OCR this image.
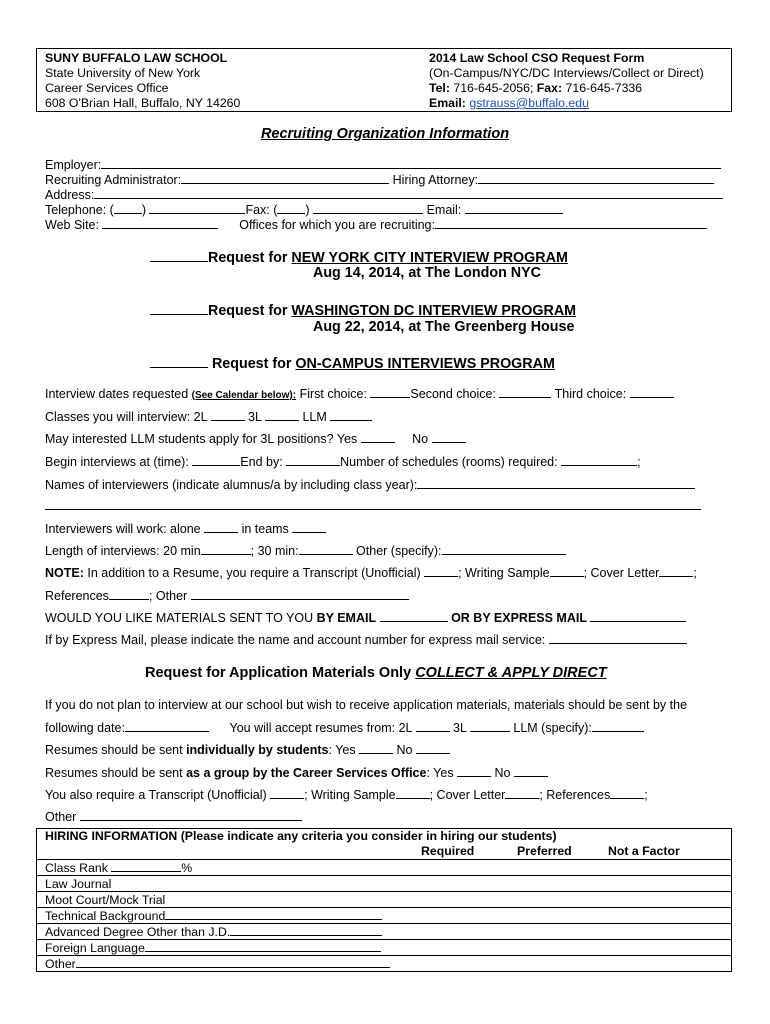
SUNY BUFFALO LAW SCHOOL
State University of New York
Career Services Office
608 O'Brian Hall, Buffalo, NY 14260
2014 Law School CSO Request Form
(On-Campus/NYC/DC Interviews/Collect or Direct)
Tel: 716-645-2056; Fax: 716-645-7336
Email: gstrauss@buffalo.edu
Recruiting Organization Information
Employer:
Recruiting Administrator:	Hiring Attorney:
Address:
Telephone: ( )	Fax: ( )	Email:
Web Site:	Offices for which you are recruiting:
Request for NEW YORK CITY INTERVIEW PROGRAM
Aug 14, 2014, at The London NYC
Request for WASHINGTON DC INTERVIEW PROGRAM
Aug 22, 2014, at The Greenberg House
Request for ON-CAMPUS INTERVIEWS PROGRAM
Interview dates requested (See Calendar below): First choice:	Second choice:	Third choice:
Classes you will interview: 2L	3L	LLM
May interested LLM students apply for 3L positions? Yes	No
Begin interviews at (time):	End by:	Number of schedules (rooms) required:	;
Names of interviewers (indicate alumnus/a by including class year):
Interviewers will work: alone	in teams
Length of interviews: 20 min	; 30 min:	Other (specify):
NOTE: In addition to a Resume, you require a Transcript (Unofficial)	; Writing Sample	; Cover Letter	;
References	; Other
WOULD YOU LIKE MATERIALS SENT TO YOU BY EMAIL	OR BY EXPRESS MAIL
If by Express Mail, please indicate the name and account number for express mail service:
Request for Application Materials Only COLLECT & APPLY DIRECT
If you do not plan to interview at our school but wish to receive application materials, materials should be sent by the
following date:	You will accept resumes from: 2L	3L	LLM (specify):
Resumes should be sent individually by students: Yes	No
Resumes should be sent as a group by the Career Services Office: Yes	No
You also require a Transcript (Unofficial)	; Writing Sample	; Cover Letter	; References	;
Other
HIRING INFORMATION (Please indicate any criteria you consider in hiring our students)
Required	Preferred	Not a Factor

Class Rank	%
Law Journal
Moot Court/Mock Trial
Technical Background
Advanced Degree Other than J.D.
Foreign Language
Other
